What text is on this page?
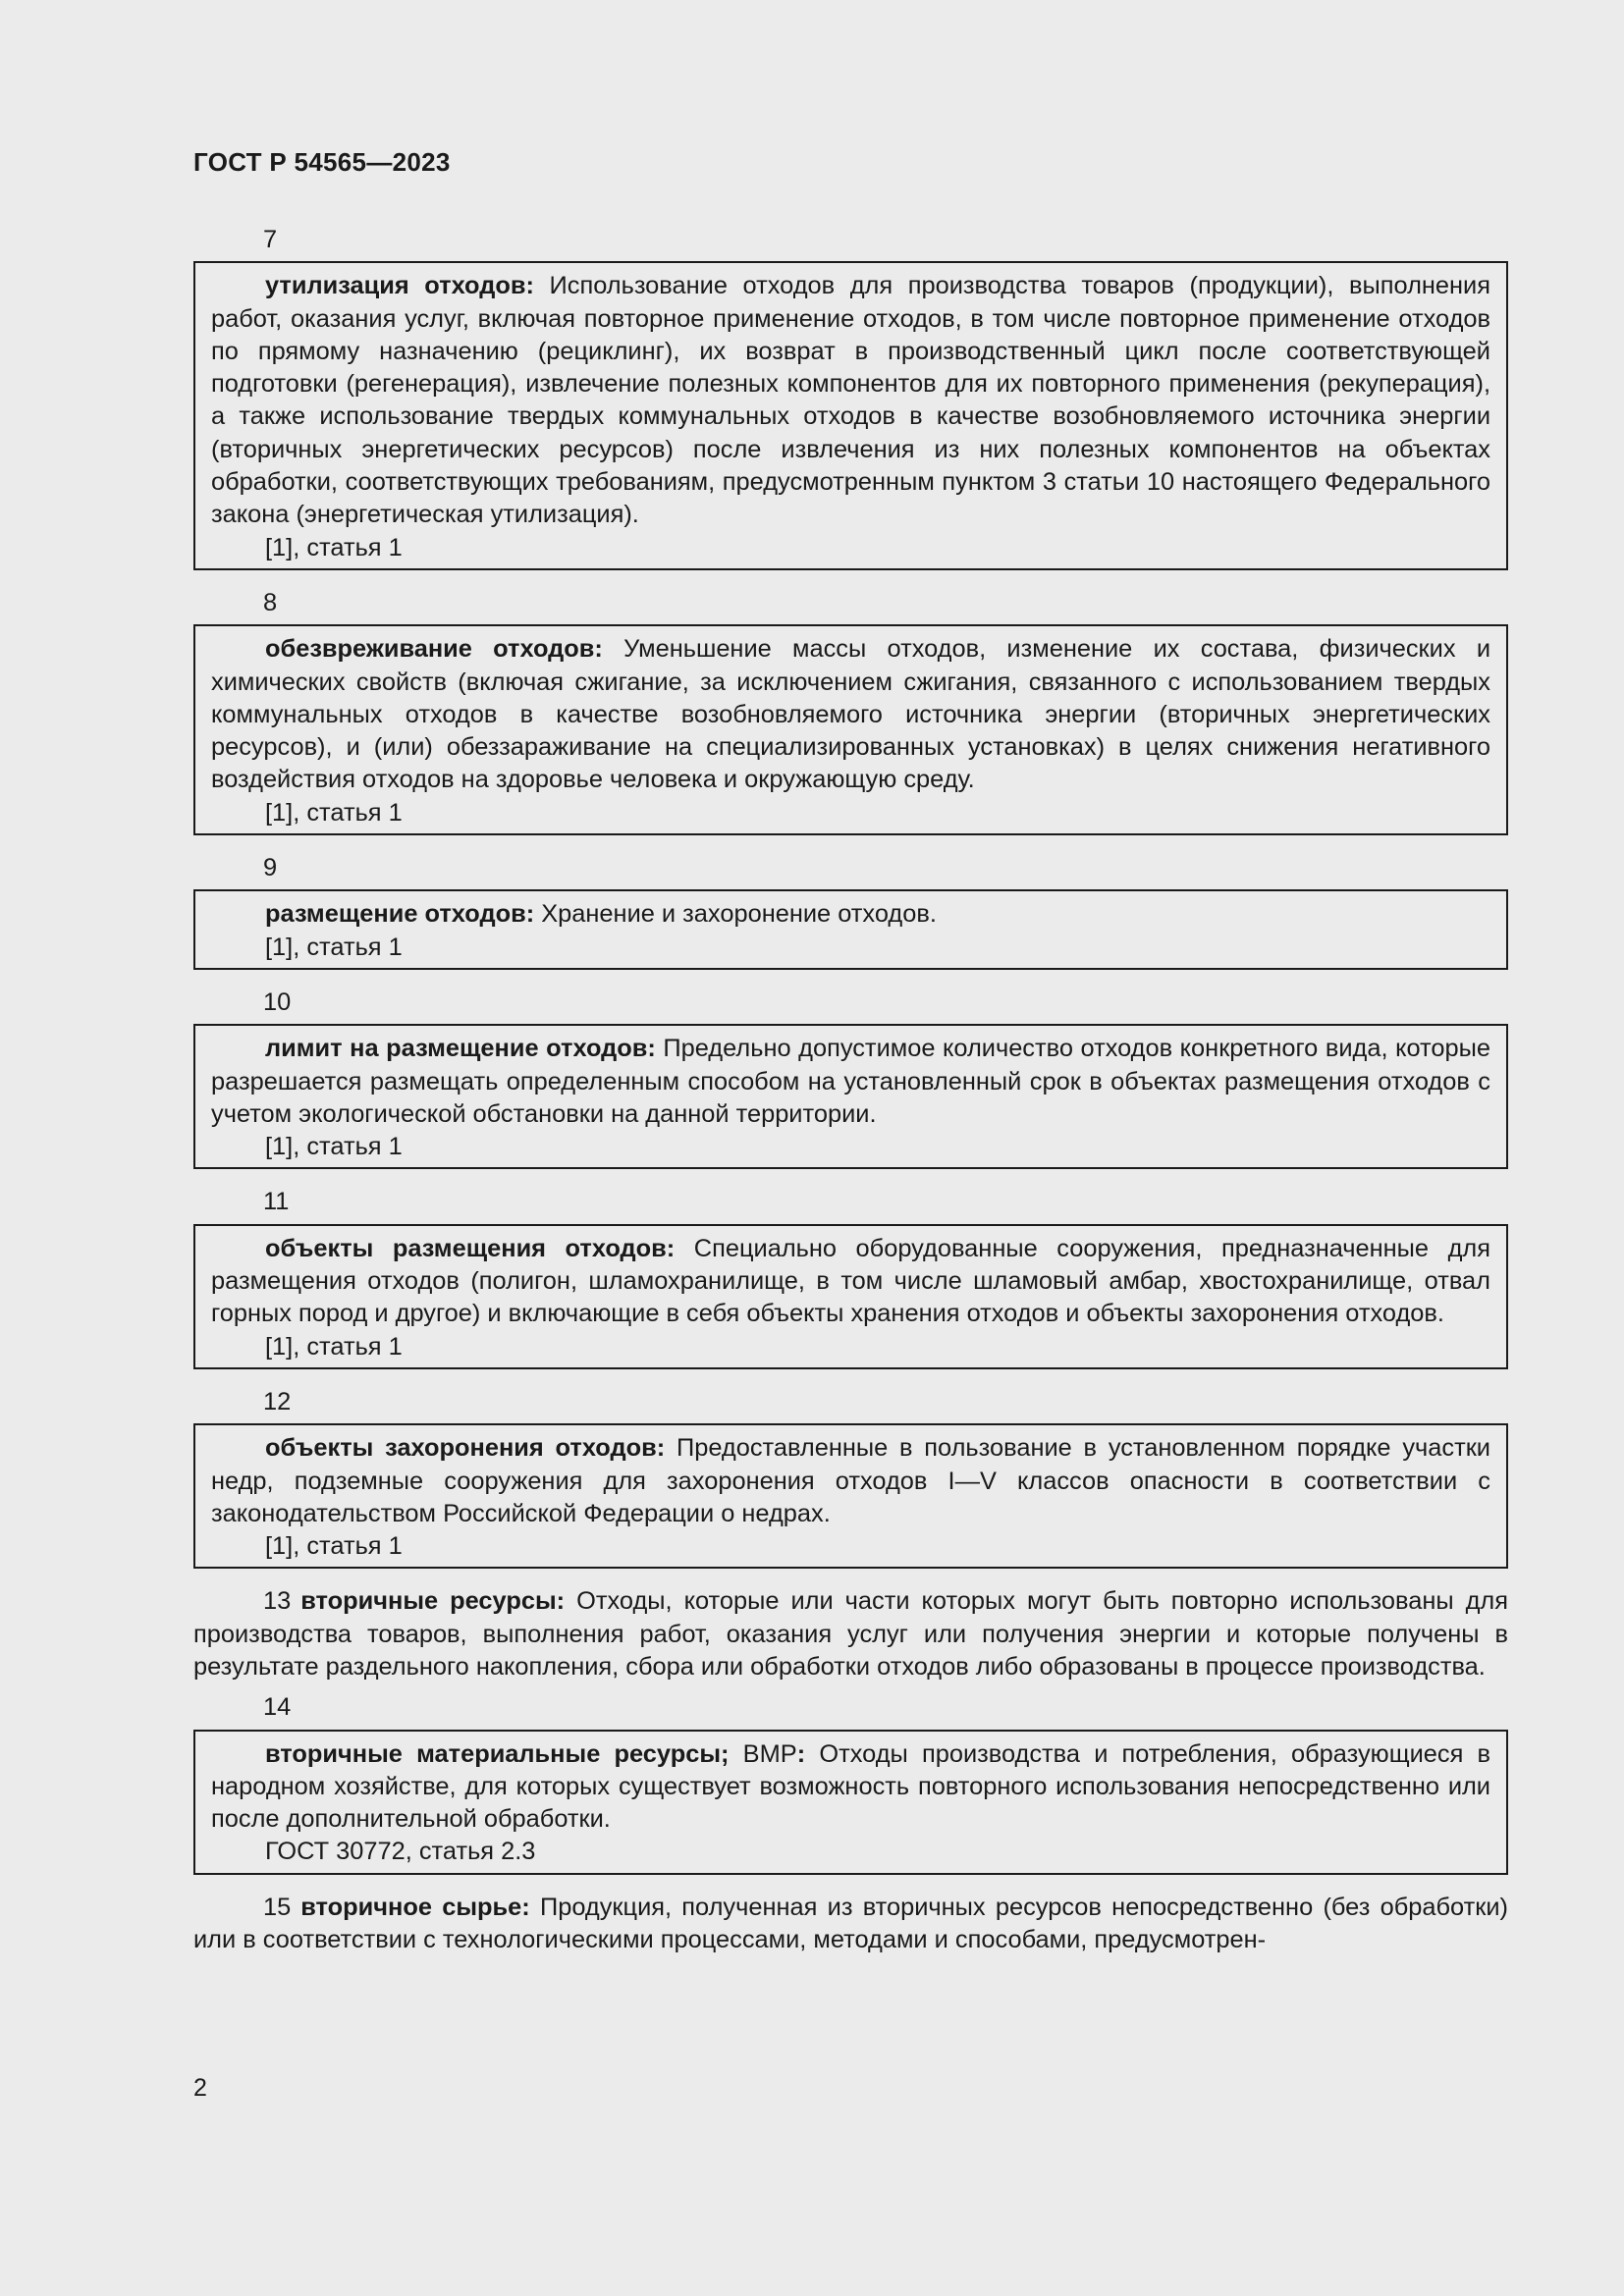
ГОСТ Р 54565—2023
7

утилизация отходов: Использование отходов для производства товаров (продукции), выполнения работ, оказания услуг, включая повторное применение отходов, в том числе повторное применение отходов по прямому назначению (рециклинг), их возврат в производственный цикл после соответствующей подготовки (регенерация), извлечение полезных компонентов для их повторного применения (рекуперация), а также использование твердых коммунальных отходов в качестве возобновляемого источника энергии (вторичных энергетических ресурсов) после извлечения из них полезных компонентов на объектах обработки, соответствующих требованиям, предусмотренным пунктом 3 статьи 10 настоящего Федерального закона (энергетическая утилизация).

[1], статья 1
8

обезвреживание отходов: Уменьшение массы отходов, изменение их состава, физических и химических свойств (включая сжигание, за исключением сжигания, связанного с использованием твердых коммунальных отходов в качестве возобновляемого источника энергии (вторичных энергетических ресурсов), и (или) обеззараживание на специализированных установках) в целях снижения негативного воздействия отходов на здоровье человека и окружающую среду.

[1], статья 1
9

размещение отходов: Хранение и захоронение отходов.

[1], статья 1
10

лимит на размещение отходов: Предельно допустимое количество отходов конкретного вида, которые разрешается размещать определенным способом на установленный срок в объектах размещения отходов с учетом экологической обстановки на данной территории.

[1], статья 1
11

объекты размещения отходов: Специально оборудованные сооружения, предназначенные для размещения отходов (полигон, шламохранилище, в том числе шламовый амбар, хвостохранилище, отвал горных пород и другое) и включающие в себя объекты хранения отходов и объекты захоронения отходов.

[1], статья 1
12

объекты захоронения отходов: Предоставленные в пользование в установленном порядке участки недр, подземные сооружения для захоронения отходов I—V классов опасности в соответствии с законодательством Российской Федерации о недрах.

[1], статья 1

13 вторичные ресурсы: Отходы, которые или части которых могут быть повторно использованы для производства товаров, выполнения работ, оказания услуг или получения энергии и которые получены в результате раздельного накопления, сбора или обработки отходов либо образованы в процессе производства.

14

вторичные материальные ресурсы; ВМР: Отходы производства и потребления, образующиеся в народном хозяйстве, для которых существует возможность повторного использования непосредственно или после дополнительной обработки.

ГОСТ 30772, статья 2.3

15 вторичное сырье: Продукция, полученная из вторичных ресурсов непосредственно (без обработки) или в соответствии с технологическими процессами, методами и способами, предусмотрен-

2
